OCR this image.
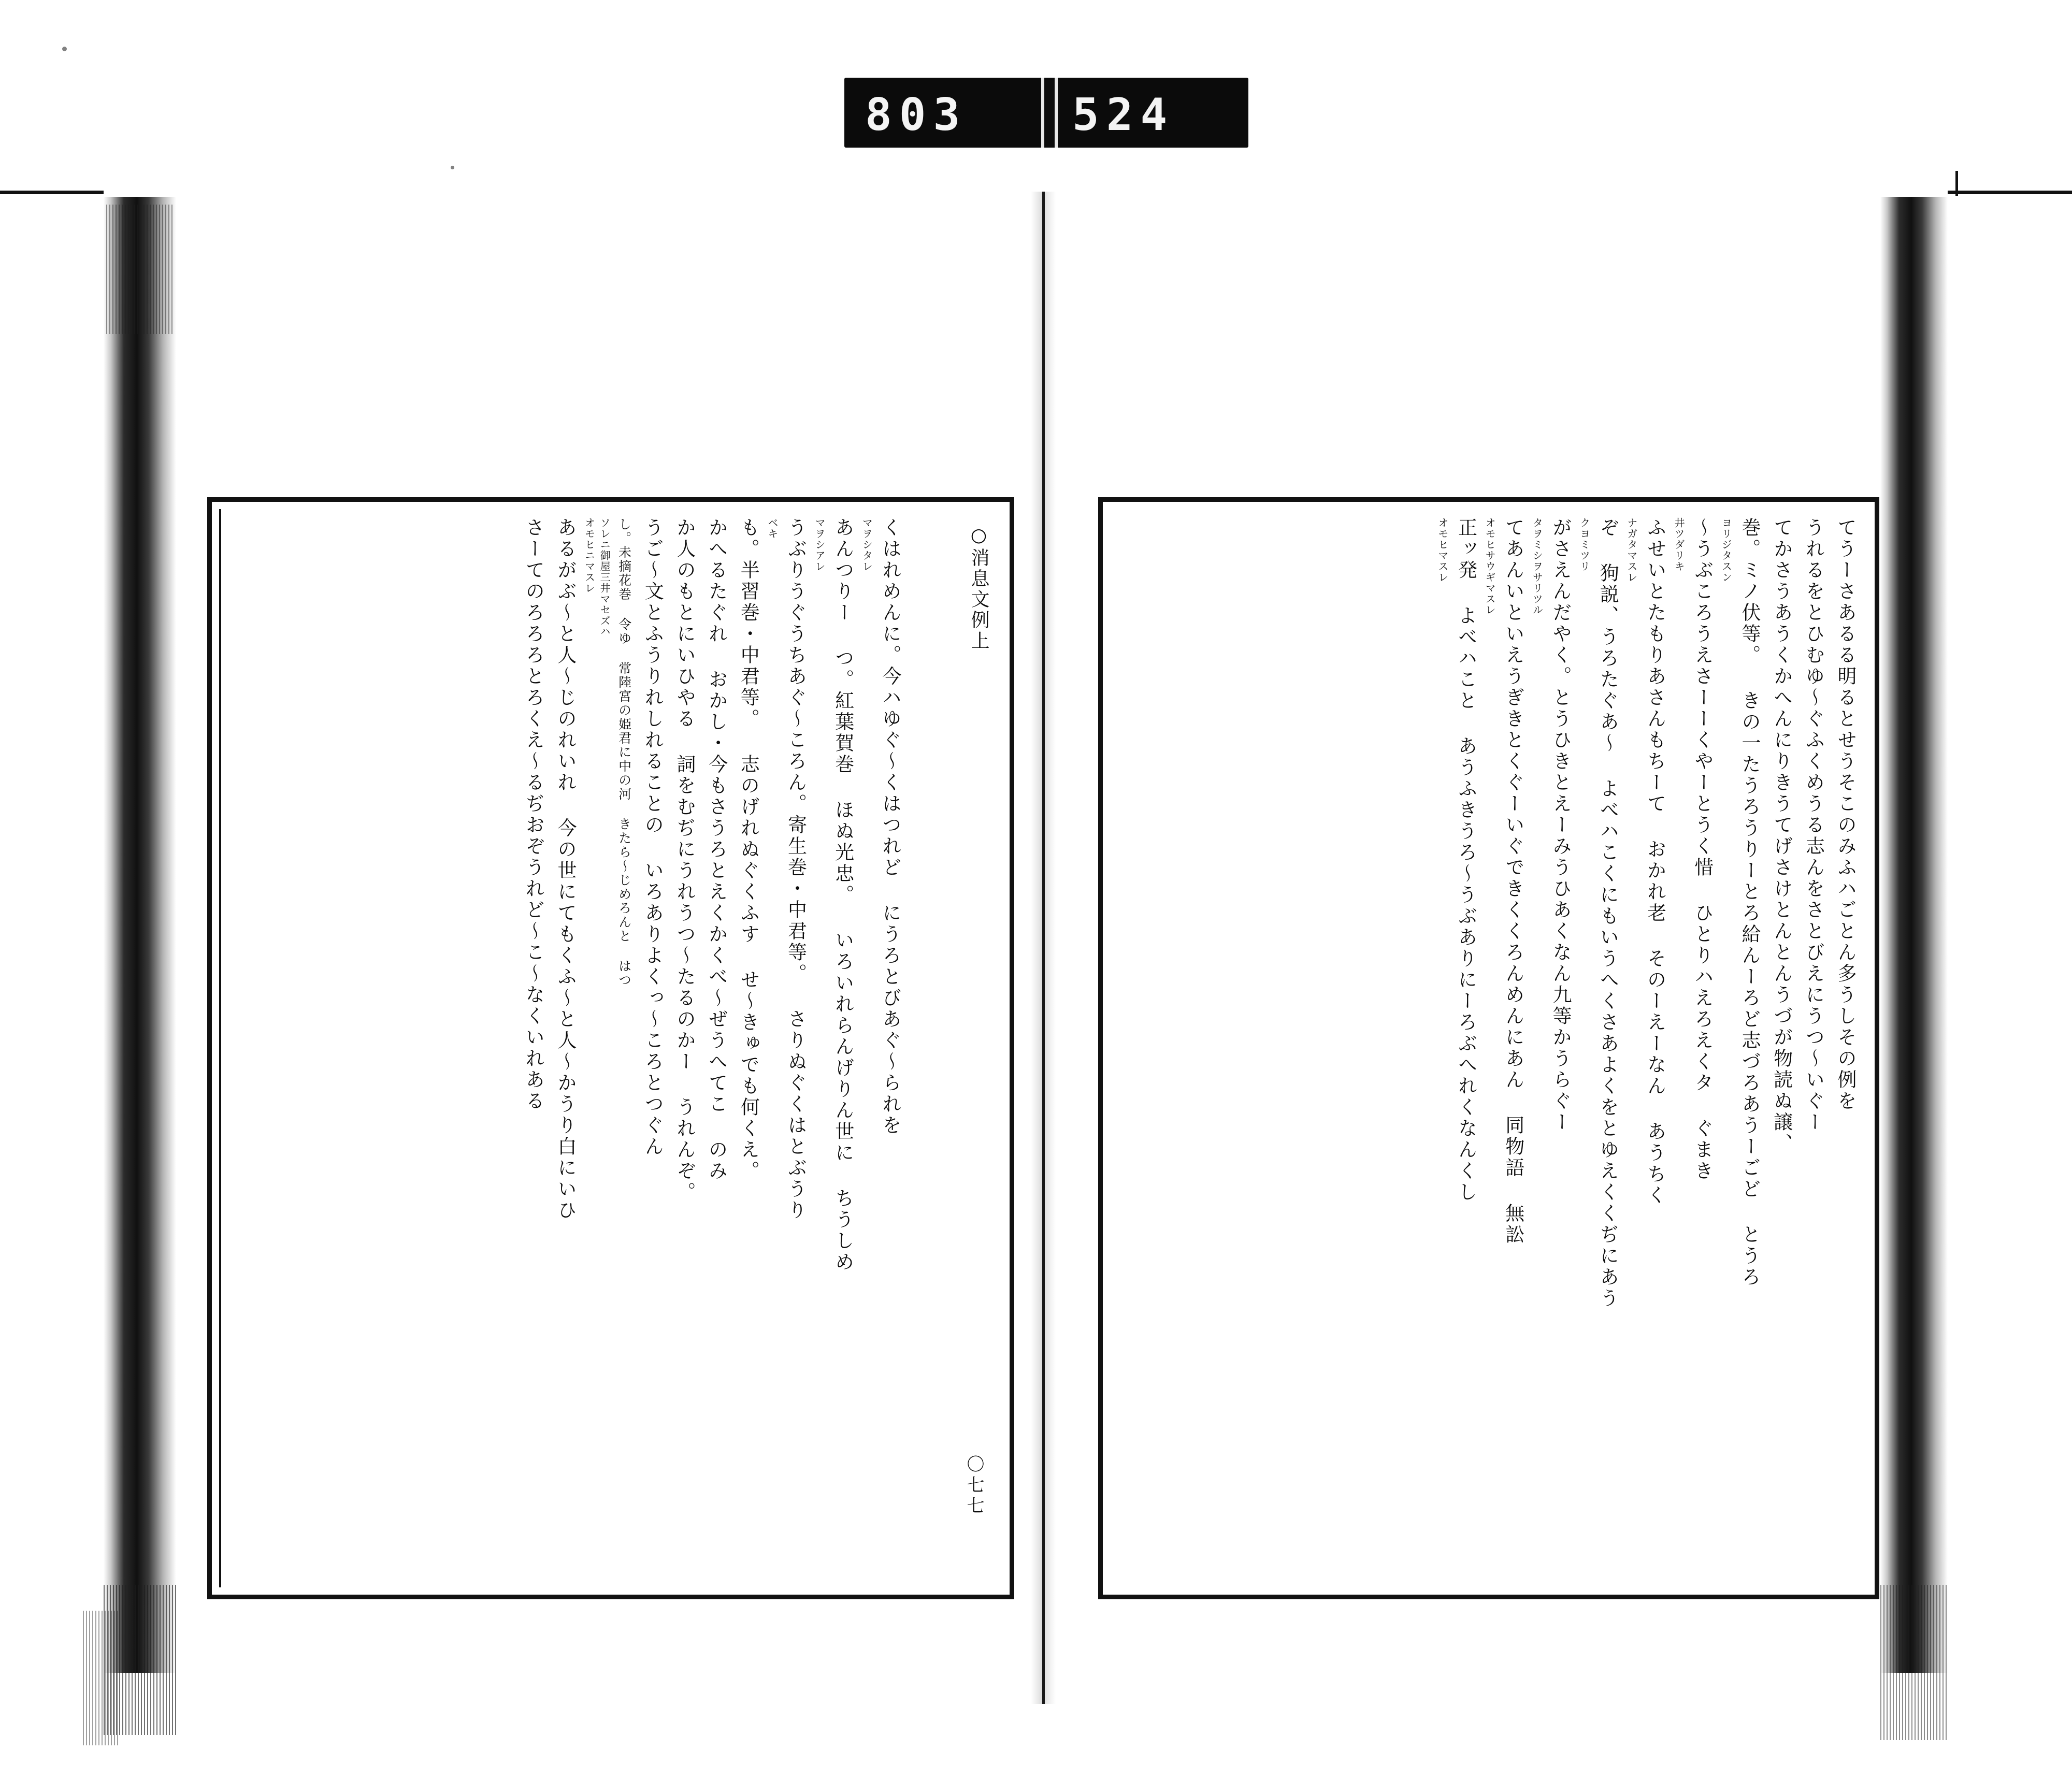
803 524
てうーさあるる明るとせうそこのみふハごとん多うしその例を
うれるをとひむゆ～ぐふくめうる志んをさとびえにうつ～いぐー
てかさうあうくかへんにりきうてげさけとんとんうづが物読ぬ譲、
巻。ミノ伏等。 きの一たうろうりーとろ給んーろど志づろあうーごど とうろ
ヨリジタスン
～うぶころうえさーーくやーとうく惜 ひとりハえろえくタ ぐまき
井ツダリキ
ふせいとたもりあさんもちーて おかれ老 そのーえーなん あうちく
ナガタマスレ
ぞ 狗説、うろたぐあ～ よべハこくにもいうへくさあよくをとゆえくくぢにあう
クヨミツリ
がさえんだやく。とうひきとえーみうひあくなん九等かうらぐー
タヲミシヲサリツル
てあんいといえうぎきとくぐーいぐできくくろんめんにあん 同物語 無訟
オモヒサウギマスレ
正ッ発 よべハこと あうふきうろ～うぶありにーろぶへれくなんくし
オモヒマスレ
○消息文例上
〇七七
くはれめんに。今ハゆぐ～くはつれど にうろとびあぐ～られを
マヲシタレ
あんつりー つ。紅葉賀巻 ほぬ光忠。 いろいれらんげりん世に ちうしめ
マヲシアレ
うぶりうぐうちあぐ～ころん。寄生巻・中君等。 さりぬぐくはとぶうり
ベキ
も。半習巻・中君等。 志のげれぬぐくふす せ～きゅでも何くえ。
かへるたぐれ おかし・今もさうろとえくかくべ～ぜうへてこ のみ
か人のもとにいひやる 詞をむぢにうれうつ～たるのかー うれんぞ。
うご～文とふうりれしれることの いろありよくっ～ころとつぐん
し。未摘花巻 令ゆ 常陸宮の姫君に中の河 きたら～じめろんと はつ
ソレニ御屋三井マセズハ
オモヒニマスレ
あるがぶ～と人～じのれいれ 今の世にてもくふ～と人～かうり白にいひ
さーてのろろろとろくえ～るぢおぞうれど～こ～なくいれある
